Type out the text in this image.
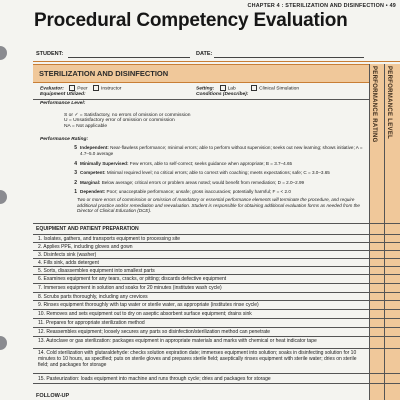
CHAPTER 4 : STERILIZATION AND DISINFECTION • 49
Procedural Competency Evaluation
STUDENT:	DATE:
STERILIZATION AND DISINFECTION	PERFORMANCE RATING PERFORMANCE LEVEL
Evaluator:	Peer	Instructor	Setting:	Lab	Clinical Simulation
Equipment Utilized:	Conditions (Describe):
Performance Level:
S or ✓ = Satisfactory, no errors of omission or commission
U = Unsatisfactory error of omission or commission
NA = Not applicable
Performance Rating:
5 Independent: Near-flawless performance; minimal errors; able to perform without supervision; seeks out new learning; shows initiative; A = 4.7–5.0 average
4 Minimally Supervised: Few errors, able to self-correct; seeks guidance when appropriate; B = 3.7–4.65
3 Competent: Minimal required level; no critical errors; able to correct with coaching; meets expectations; safe; C = 3.0–3.65
2 Marginal: Below average; critical errors or problem areas noted; would benefit from remediation; D = 2.0–2.99
1 Dependent: Poor; unacceptable performance; unsafe; gross inaccuracies; potentially harmful; F = < 2.0
Two or more errors of commission or omission of mandatory or essential performance elements will terminate the procedure, and require additional practice and/or remediation and reevaluation. Student is responsible for obtaining additional evaluation forms as needed from the Director of Clinical Education (DCE).
EQUIPMENT AND PATIENT PREPARATION
1. Isolates, gathers, and transports equipment to processing site
2. Applies PPE, including gloves and gown
3. Disinfects sink (washer)
4. Fills sink, adds detergent
5. Sorts, disassembles equipment into smallest parts
6. Examines equipment for any tears, cracks, or pitting; discards defective equipment
7. Immerses equipment in solution and soaks for 20 minutes (institutes wash cycle)
8. Scrubs parts thoroughly, including any crevices
9. Rinses equipment thoroughly with tap water or sterile water, as appropriate (institutes rinse cycle)
10. Removes and sets equipment out to dry on aseptic absorbent surface equipment; drains sink
11. Prepares for appropriate sterilization method
12. Reassembles equipment; loosely secures any parts so disinfection/sterilization method can penetrate
13. Autoclave or gas sterilization: packages equipment in appropriate materials and marks with chemical or heat indicator tape
14. Cold sterilization with glutaraldehyde: checks solution expiration date; immerses equipment into solution; soaks in disinfecting solution for 10 minutes to 10 hours, as specified; puts on sterile gloves and prepares sterile field; aseptically rinses equipment with sterile water; dries on sterile field; and packages for storage
15. Pasteurization: loads equipment into machine and runs through cycle; dries and packages for storage
FOLLOW-UP
